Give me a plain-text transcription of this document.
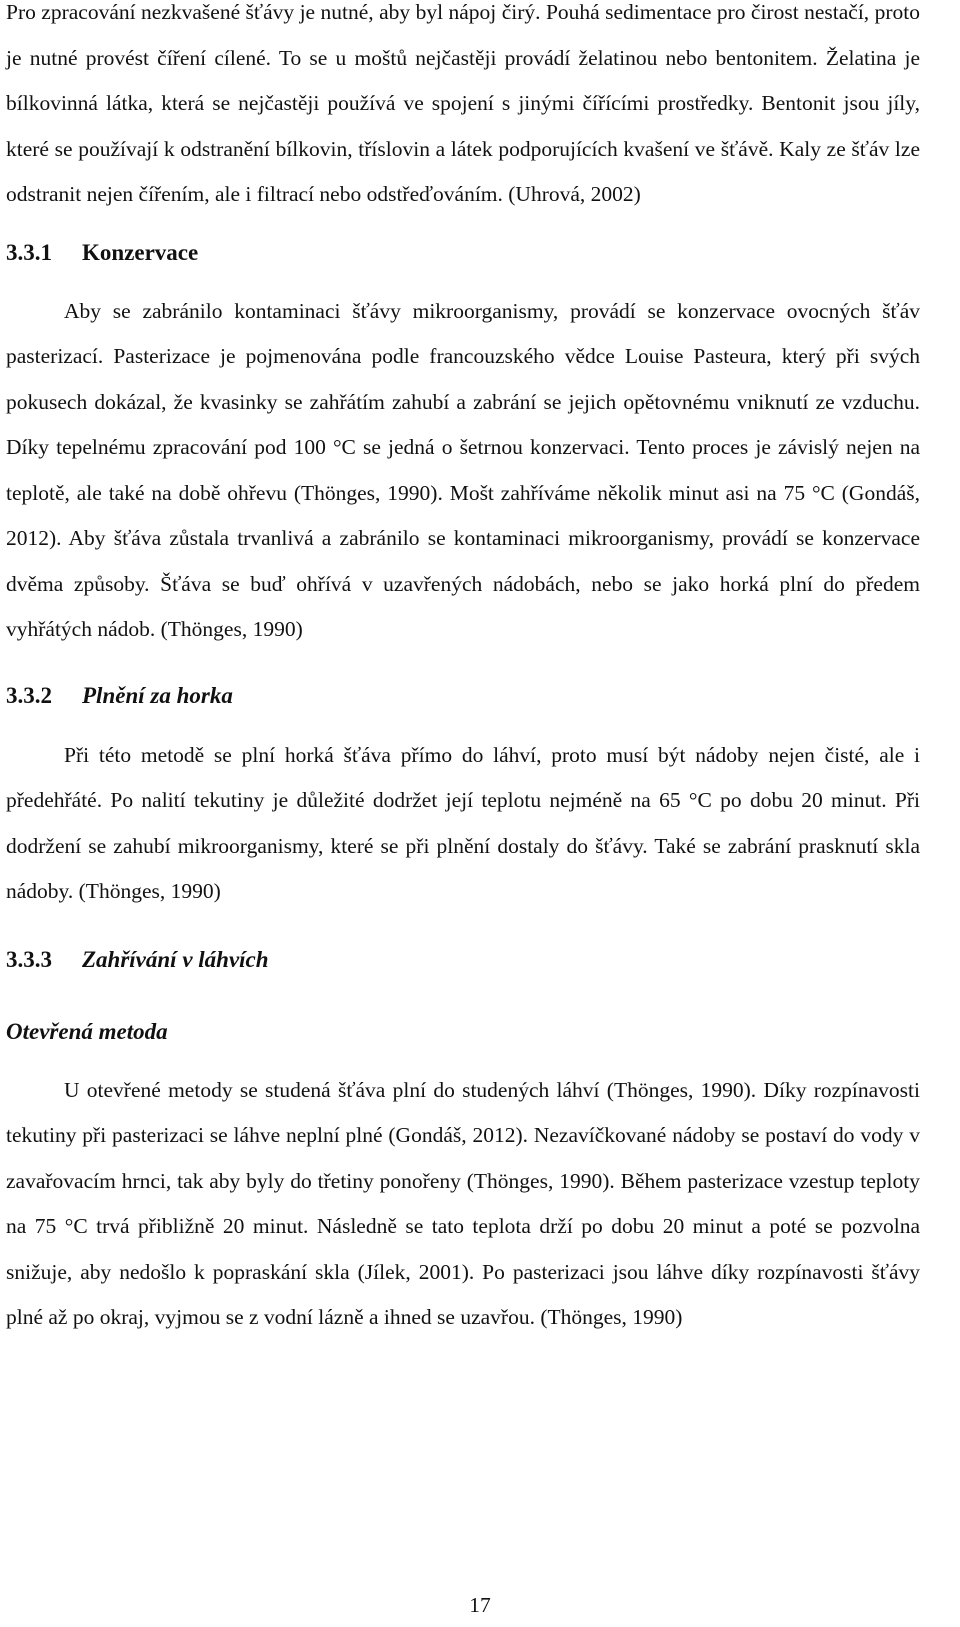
Pro zpracování nezkvašené šťávy je nutné, aby byl nápoj čirý. Pouhá sedimentace pro čirost nestačí, proto je nutné provést číření cílené. To se u moštů nejčastěji provádí želatinou nebo bentonitem. Želatina je bílkovinná látka, která se nejčastěji používá ve spojení s jinými čířícími prostředky. Bentonit jsou jíly, které se používají k odstranění bílkovin, tříslovin a látek podporujících kvašení ve šťávě. Kaly ze šťáv lze odstranit nejen čířením, ale i filtrací nebo odstřeďováním. (Uhrová, 2002)

3.3.1 Konzervace

Aby se zabránilo kontaminaci šťávy mikroorganismy, provádí se konzervace ovocných šťáv pasterizací. Pasterizace je pojmenována podle francouzského vědce Louise Pasteura, který při svých pokusech dokázal, že kvasinky se zahřátím zahubí a zabrání se jejich opětovnému vniknutí ze vzduchu. Díky tepelnému zpracování pod 100 °C se jedná o šetrnou konzervaci. Tento proces je závislý nejen na teplotě, ale také na době ohřevu (Thönges, 1990). Mošt zahříváme několik minut asi na 75 °C (Gondáš, 2012). Aby šťáva zůstala trvanlivá a zabránilo se kontaminaci mikroorganismy, provádí se konzervace dvěma způsoby. Šťáva se buď ohřívá v uzavřených nádobách, nebo se jako horká plní do předem vyhřátých nádob. (Thönges, 1990)

3.3.2 Plnění za horka

Při této metodě se plní horká šťáva přímo do láhví, proto musí být nádoby nejen čisté, ale i předehřáté. Po nalití tekutiny je důležité dodržet její teplotu nejméně na 65 °C po dobu 20 minut. Při dodržení se zahubí mikroorganismy, které se při plnění dostaly do šťávy. Také se zabrání prasknutí skla nádoby. (Thönges, 1990)

3.3.3 Zahřívání v láhvích
Otevřená metoda

U otevřené metody se studená šťáva plní do studených láhví (Thönges, 1990). Díky rozpínavosti tekutiny při pasterizaci se láhve neplní plné (Gondáš, 2012). Nezavíčkované nádoby se postaví do vody v zavařovacím hrnci, tak aby byly do třetiny ponořeny (Thönges, 1990). Během pasterizace vzestup teploty na 75 °C trvá přibližně 20 minut. Následně se tato teplota drží po dobu 20 minut a poté se pozvolna snižuje, aby nedošlo k popraskání skla (Jílek, 2001). Po pasterizaci jsou láhve díky rozpínavosti šťávy plné až po okraj, vyjmou se z vodní lázně a ihned se uzavřou. (Thönges, 1990)

17
